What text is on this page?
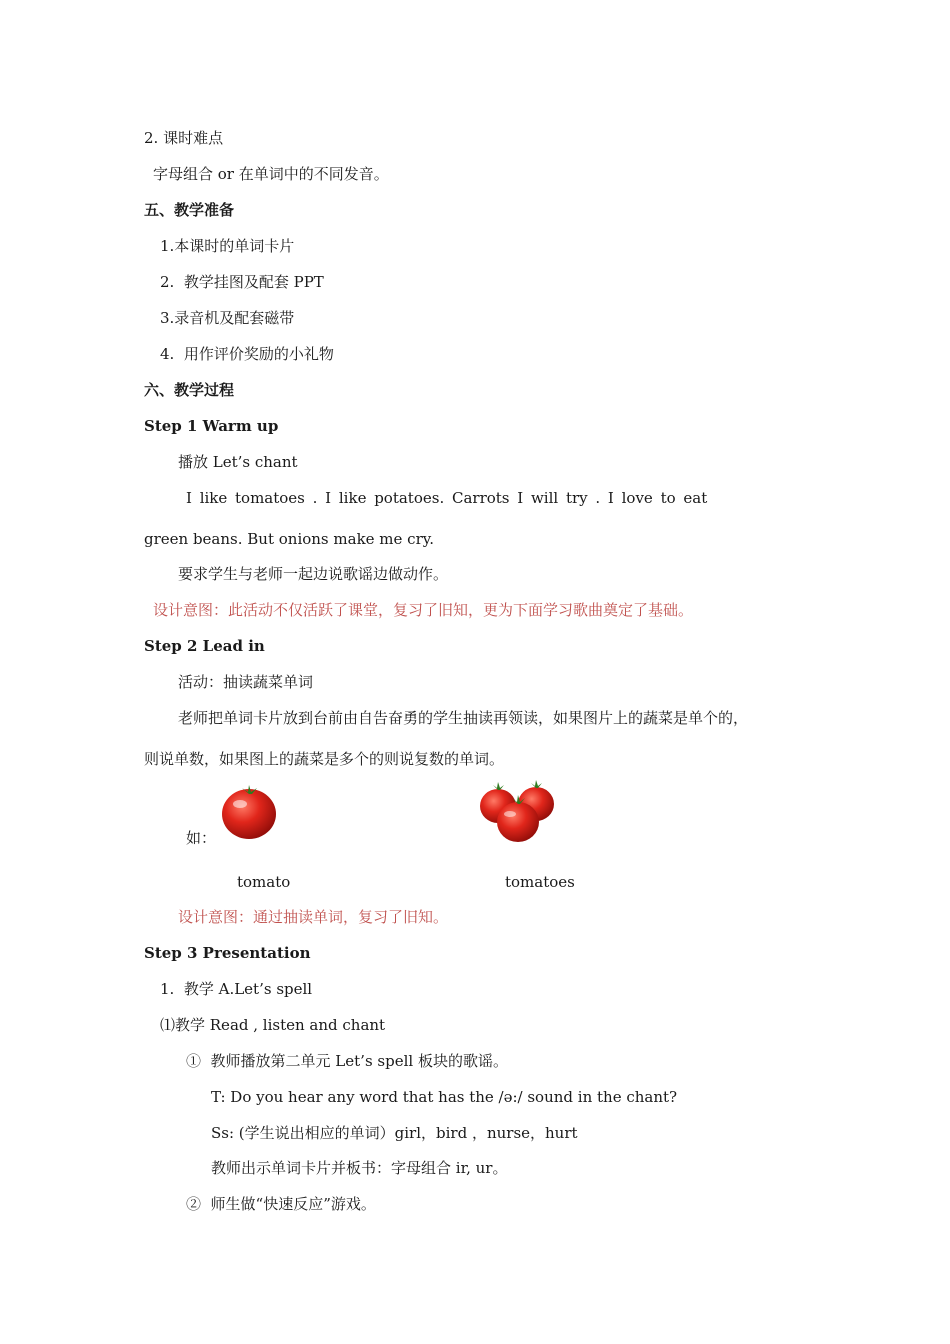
2. 课时难点
字母组合 or 在单词中的不同发音。
五、教学准备
1.本课时的单词卡片
2.  教学挂图及配套 PPT
3.录音机及配套磁带
4.  用作评价奖励的小礼物
六、教学过程
Step 1 Warm up
播放 Let’s chant
I like tomatoes . I like potatoes. Carrots I will try . I love to eat
green beans. But onions make me cry.
要求学生与老师一起边说歌谣边做动作。
设计意图：此活动不仅活跃了课堂，复习了旧知，更为下面学习歌曲奠定了基础。
Step 2 Lead in
活动：抽读蔬菜单词
老师把单词卡片放到台前由自告奋勇的学生抽读再领读，如果图片上的蔬菜是单个的，
则说单数，如果图上的蔬菜是多个的则说复数的单词。
如：
tomato	tomatoes
设计意图：通过抽读单词，复习了旧知。
Step 3 Presentation
1.  教学 A.Let’s spell
⑴教学 Read , listen and chant
①  教师播放第二单元 Let’s spell 板块的歌谣。
T: Do you hear any word that has the /ə:/ sound in the chant?
Ss: (学生说出相应的单词）girl，bird ，nurse，hurt
教师出示单词卡片并板书：字母组合 ir, ur。
②  师生做“快速反应”游戏。
